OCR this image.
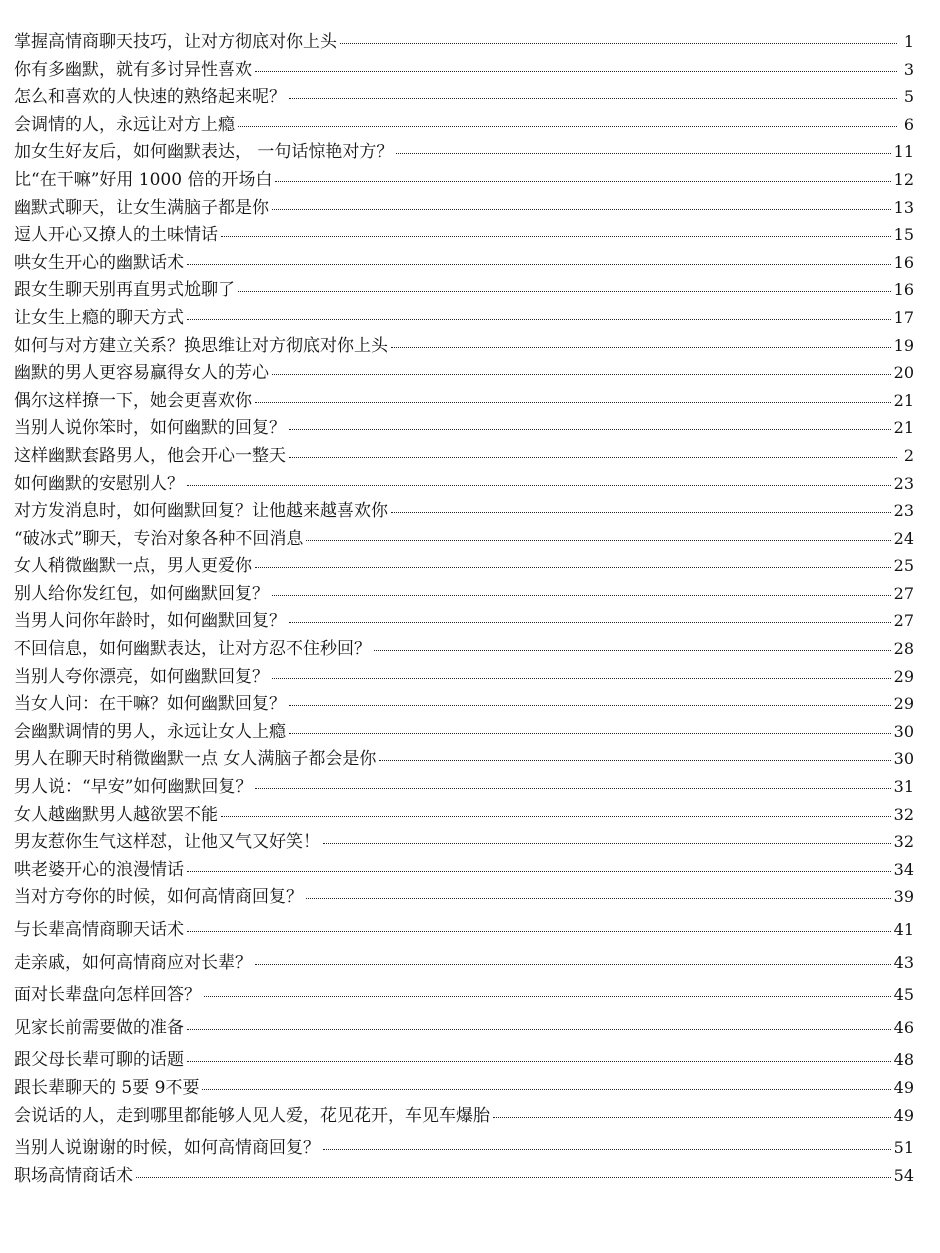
掌握高情商聊天技巧，让对方彻底对你上头	1
你有多幽默，就有多讨异性喜欢	3
怎么和喜欢的人快速的熟络起来呢？	5
会调情的人，永远让对方上瘾	6
加女生好友后，如何幽默表达， 一句话惊艳对方？	11
比“在干嘛”好用 1000 倍的开场白	12
幽默式聊天，让女生满脑子都是你	13
逗人开心又撩人的土味情话	15
哄女生开心的幽默话术	16
跟女生聊天别再直男式尬聊了	16
让女生上瘾的聊天方式	17
如何与对方建立关系？换思维让对方彻底对你上头	19
幽默的男人更容易赢得女人的芳心	20
偶尔这样撩一下，她会更喜欢你	21
当别人说你笨时，如何幽默的回复？	21
这样幽默套路男人，他会开心一整天	2
如何幽默的安慰别人？	23
对方发消息时，如何幽默回复？让他越来越喜欢你	23
“破冰式”聊天，专治对象各种不回消息	24
女人稍微幽默一点，男人更爱你	25
别人给你发红包，如何幽默回复？	27
当男人问你年龄时，如何幽默回复？	27
不回信息，如何幽默表达，让对方忍不住秒回？	28
当别人夸你漂亮，如何幽默回复？	29
当女人问：在干嘛？如何幽默回复？	29
会幽默调情的男人，永远让女人上瘾	30
男人在聊天时稍微幽默一点 女人满脑子都会是你	30
男人说：“早安”如何幽默回复？	31
女人越幽默男人越欲罢不能	32
男友惹你生气这样怼，让他又气又好笑！	32
哄老婆开心的浪漫情话	34
当对方夸你的时候，如何高情商回复？	39
与长辈高情商聊天话术	41
走亲戚，如何高情商应对长辈？	43
面对长辈盘向怎样回答？	45
见家长前需要做的准备	46
跟父母长辈可聊的话题	48
跟长辈聊天的 5要 9不要	49
会说话的人，走到哪里都能够人见人爱，花见花开，车见车爆胎	49
当别人说谢谢的时候，如何高情商回复？	51
职场高情商话术	54
